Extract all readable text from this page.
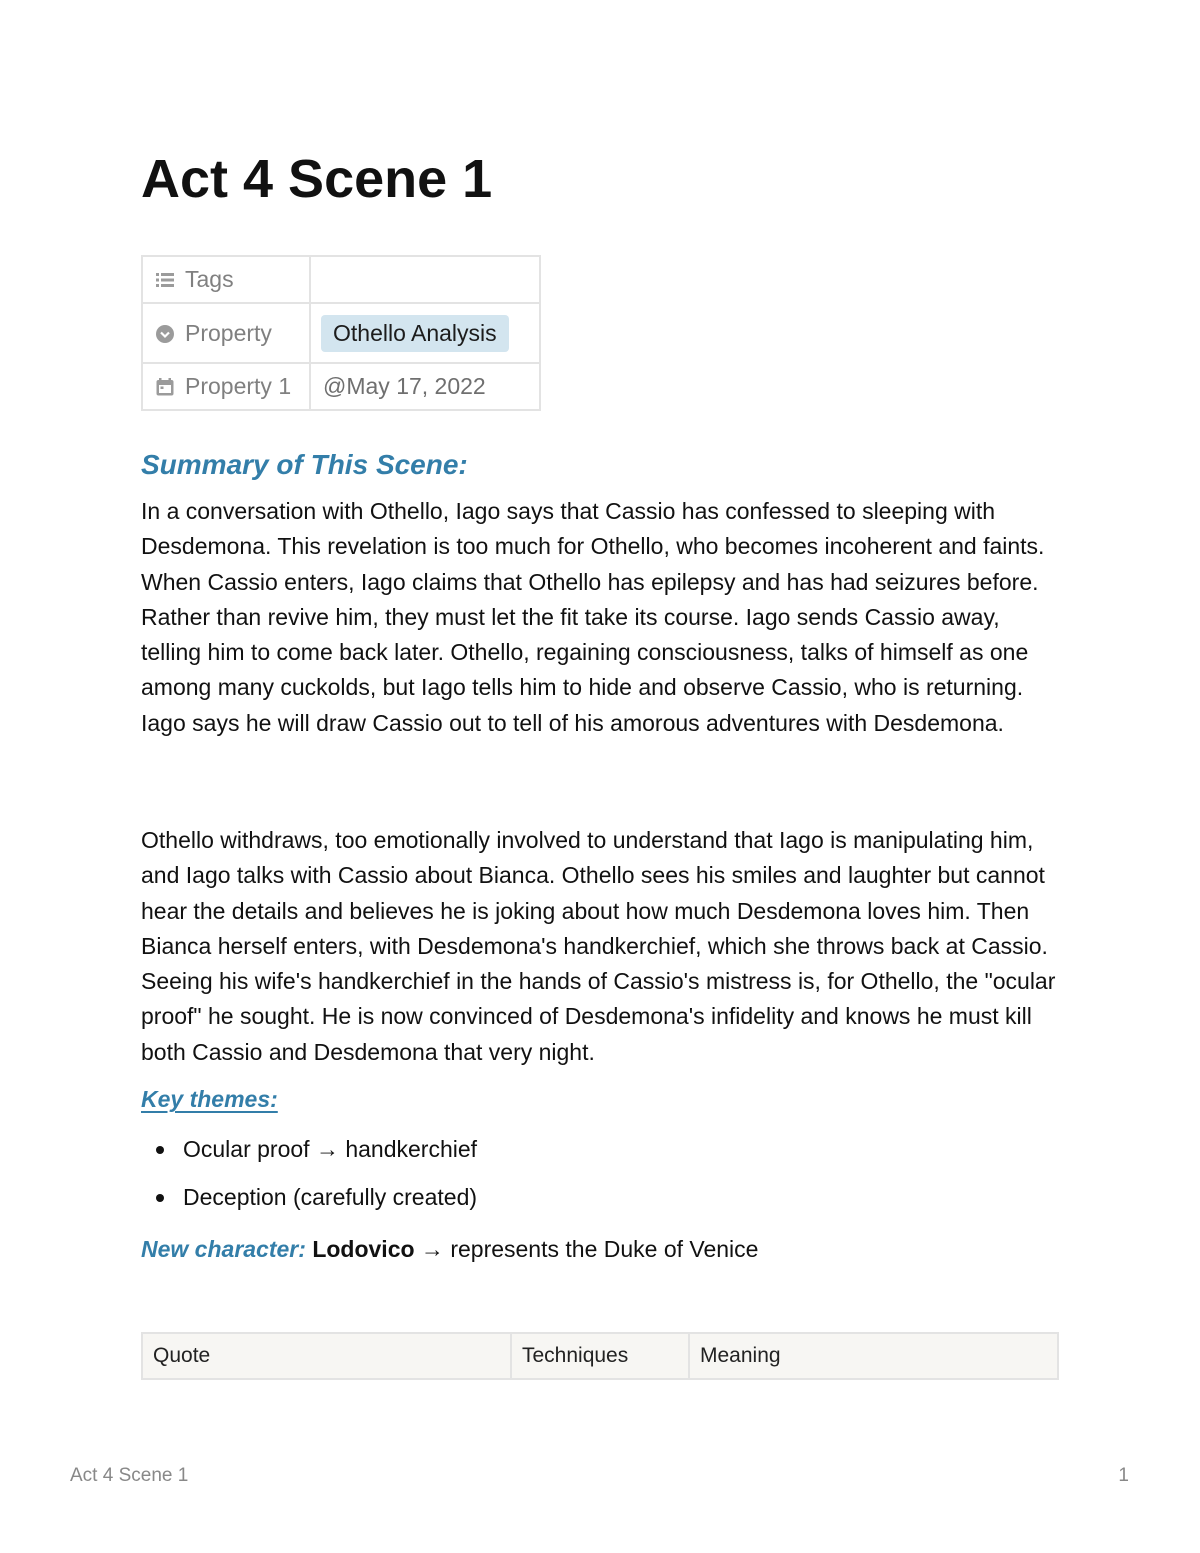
Act 4 Scene 1
Tags	
Property	Othello Analysis
Property 1	@May 17, 2022
Summary of This Scene:

In a conversation with Othello, Iago says that Cassio has confessed to sleeping with Desdemona. This revelation is too much for Othello, who becomes incoherent and faints. When Cassio enters, Iago claims that Othello has epilepsy and has had seizures before. Rather than revive him, they must let the fit take its course. Iago sends Cassio away, telling him to come back later. Othello, regaining consciousness, talks of himself as one among many cuckolds, but Iago tells him to hide and observe Cassio, who is returning. Iago says he will draw Cassio out to tell of his amorous adventures with Desdemona.

Othello withdraws, too emotionally involved to understand that Iago is manipulating him, and Iago talks with Cassio about Bianca. Othello sees his smiles and laughter but cannot hear the details and believes he is joking about how much Desdemona loves him. Then Bianca herself enters, with Desdemona's handkerchief, which she throws back at Cassio. Seeing his wife's handkerchief in the hands of Cassio's mistress is, for Othello, the "ocular proof" he sought. He is now convinced of Desdemona's infidelity and knows he must kill both Cassio and Desdemona that very night.

Key themes:

Ocular proof → handkerchief
Deception (carefully created)

New character: Lodovico → represents the Duke of Venice

Quote	Techniques	Meaning
Act 4 Scene 1	1
